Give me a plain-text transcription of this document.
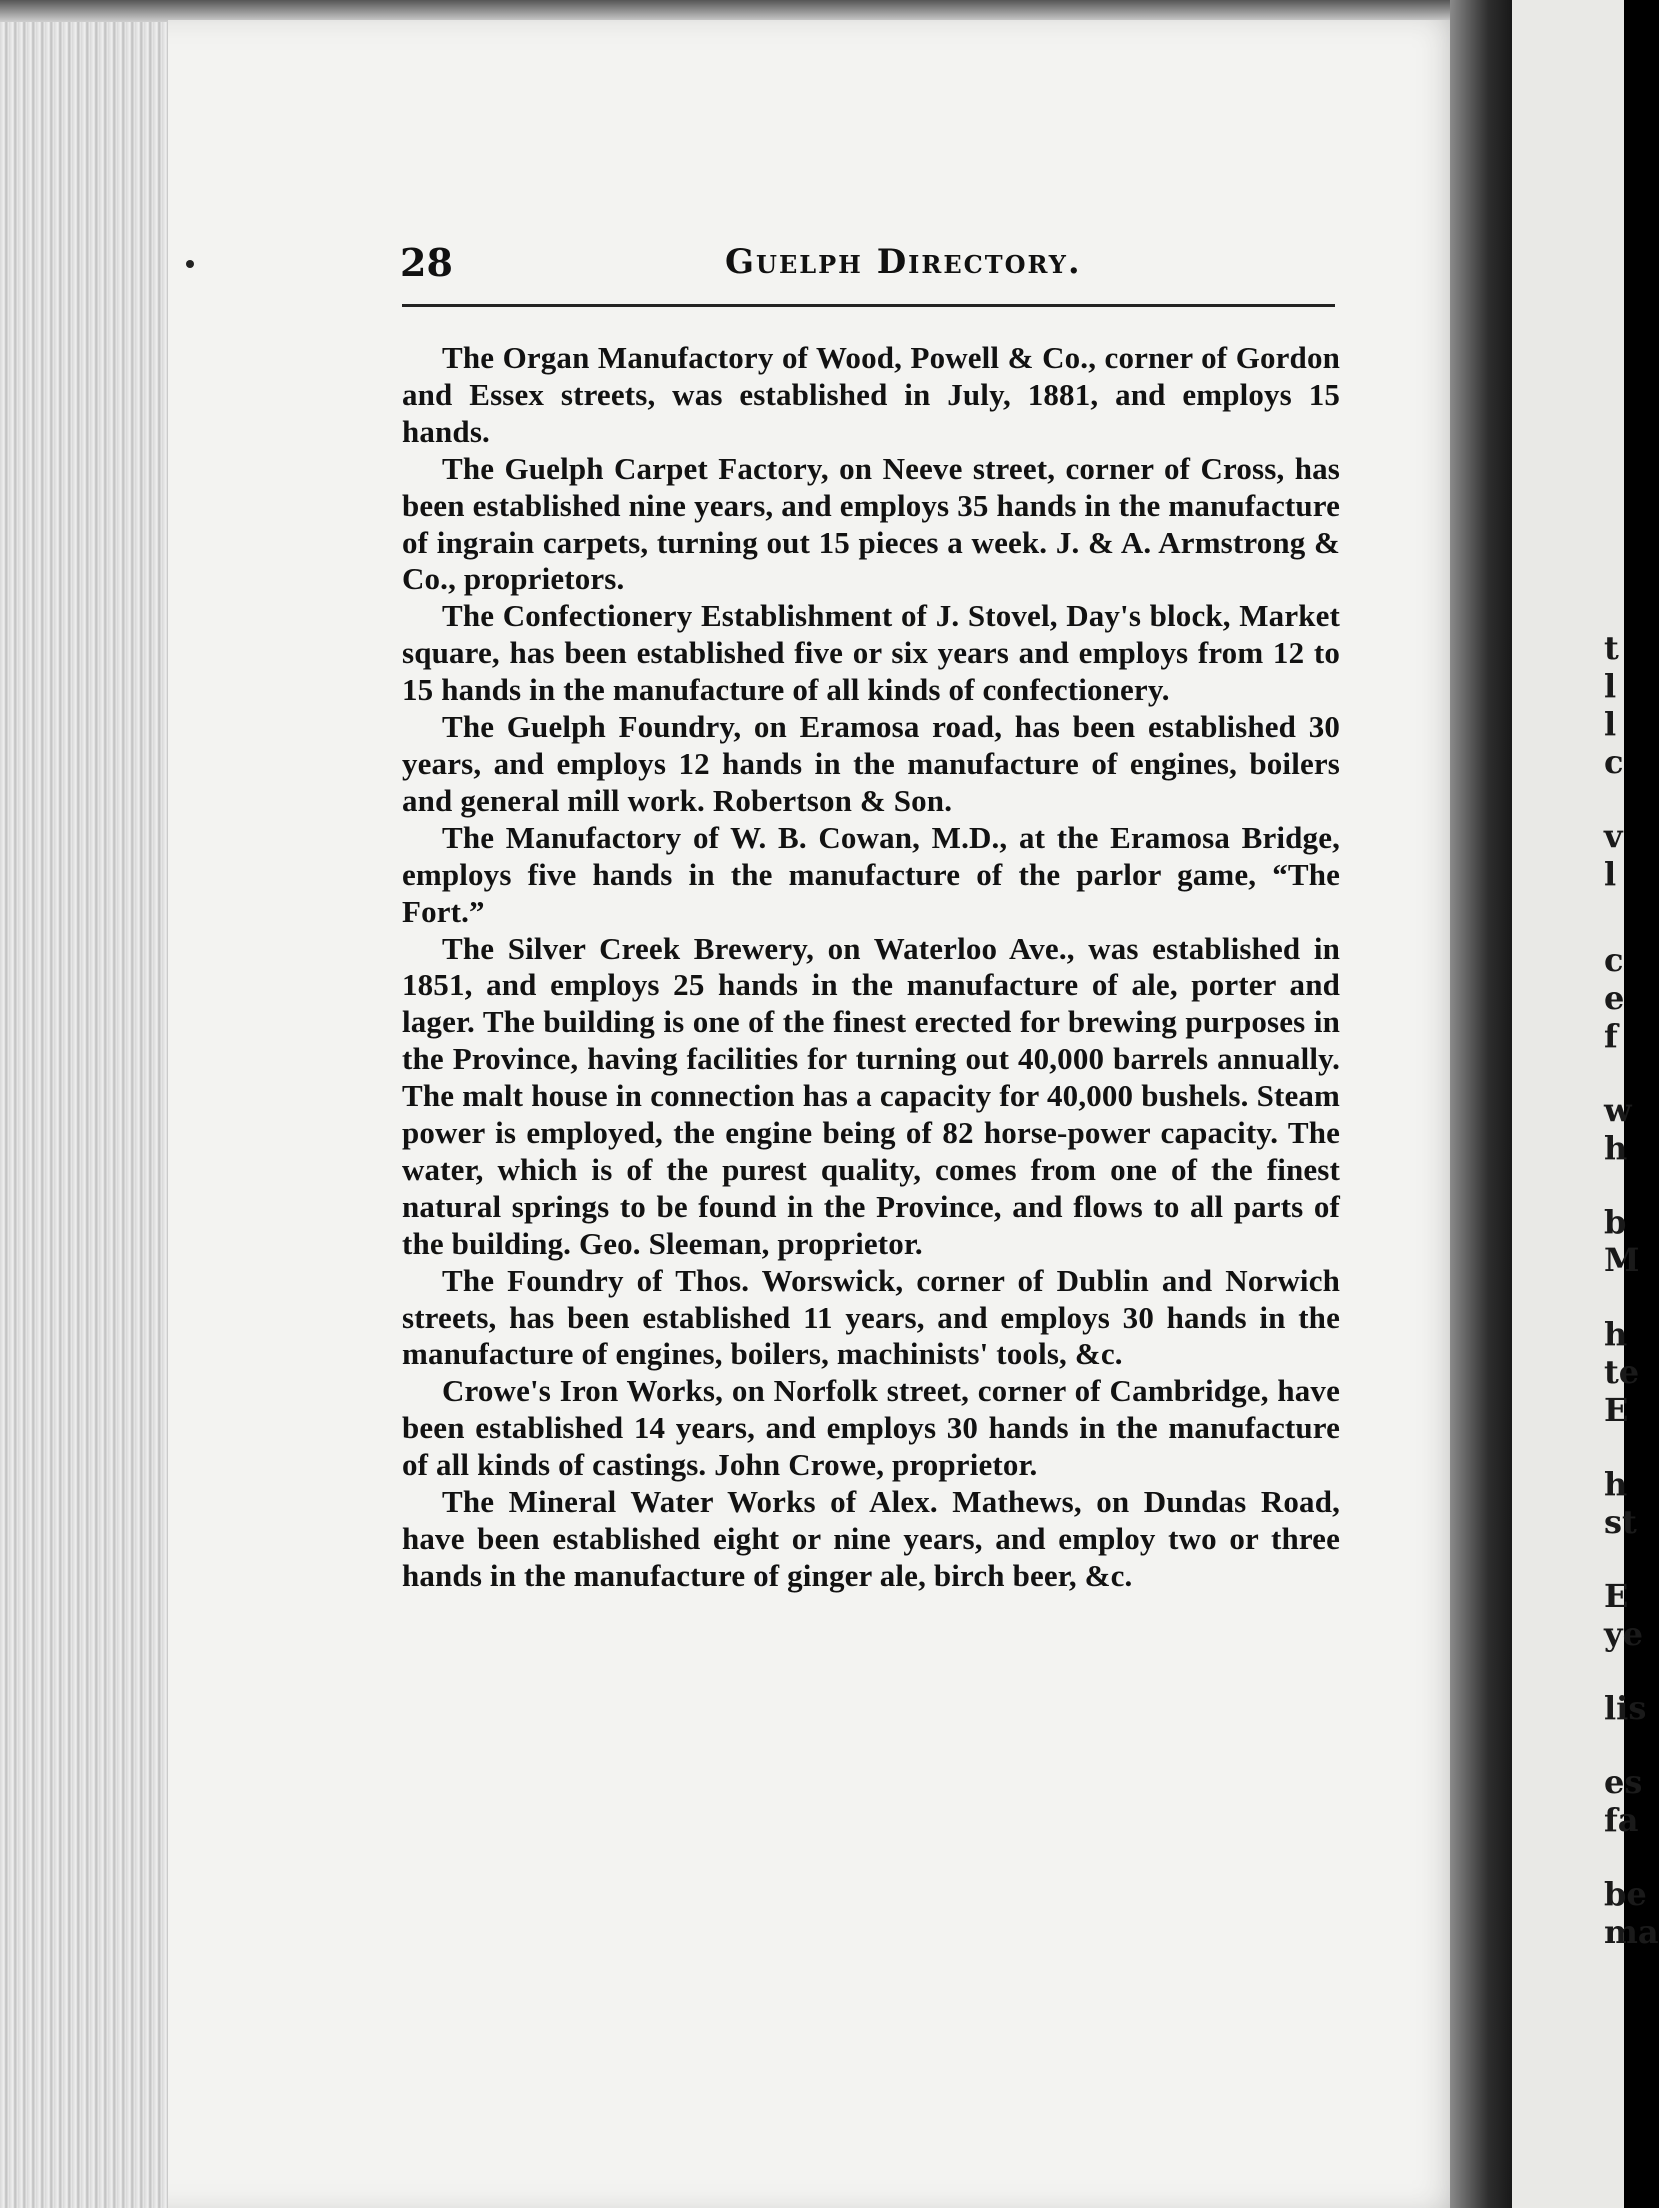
28	Guelph Directory.

The Organ Manufactory of Wood, Powell & Co., corner of Gordon and Essex streets, was established in July, 1881, and employs 15 hands.

The Guelph Carpet Factory, on Neeve street, corner of Cross, has been established nine years, and employs 35 hands in the manufacture of ingrain carpets, turning out 15 pieces a week. J. & A. Armstrong & Co., proprietors.

The Confectionery Establishment of J. Stovel, Day's block, Market square, has been established five or six years and employs from 12 to 15 hands in the manufacture of all kinds of confectionery.

The Guelph Foundry, on Eramosa road, has been established 30 years, and employs 12 hands in the manufacture of engines, boilers and general mill work. Robertson & Son.

The Manufactory of W. B. Cowan, M.D., at the Eramosa Bridge, employs five hands in the manufacture of the parlor game, “The Fort.”

The Silver Creek Brewery, on Waterloo Ave., was established in 1851, and employs 25 hands in the manufacture of ale, porter and lager. The building is one of the finest erected for brewing purposes in the Province, having facilities for turning out 40,000 barrels annually. The malt house in connection has a capacity for 40,000 bushels. Steam power is employed, the engine being of 82 horse-power capacity. The water, which is of the purest quality, comes from one of the finest natural springs to be found in the Province, and flows to all parts of the building. Geo. Sleeman, proprietor.

The Foundry of Thos. Worswick, corner of Dublin and Norwich streets, has been established 11 years, and employs 30 hands in the manufacture of engines, boilers, machinists' tools, &c.

Crowe's Iron Works, on Norfolk street, corner of Cambridge, have been established 14 years, and employs 30 hands in the manufacture of all kinds of castings. John Crowe, proprietor.

The Mineral Water Works of Alex. Mathews, on Dundas Road, have been established eight or nine years, and employ two or three hands in the manufacture of ginger ale, birch beer, &c.

t
l
l
c
v
l
c
e
f
w
h
b
M
h
te
E
h
st
E
ye
lis
es
fa
be
ma
